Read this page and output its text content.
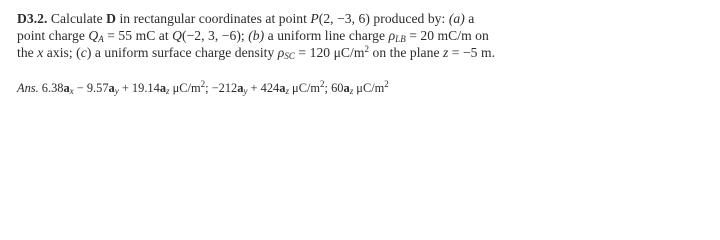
D3.2. Calculate D in rectangular coordinates at point P(2, −3, 6) produced by: (a) a
point charge $Q_A = 55$ mC at Q(−2, 3, −6); (b) a uniform line charge $\rho_{LB} = 20$ mC/m on
the x axis; (c) a uniform surface charge density $\rho_{SC} = 120$ $\mu C/m^2$ on the plane z = −5 m.
Ans. $6.38a_x - 9.57a_y + 19.14a_z$ $\mu C/m^2$; $-212a_y + 424a_z$ $\mu C/m^2$; $60a_z$ $\mu C/m^2$
